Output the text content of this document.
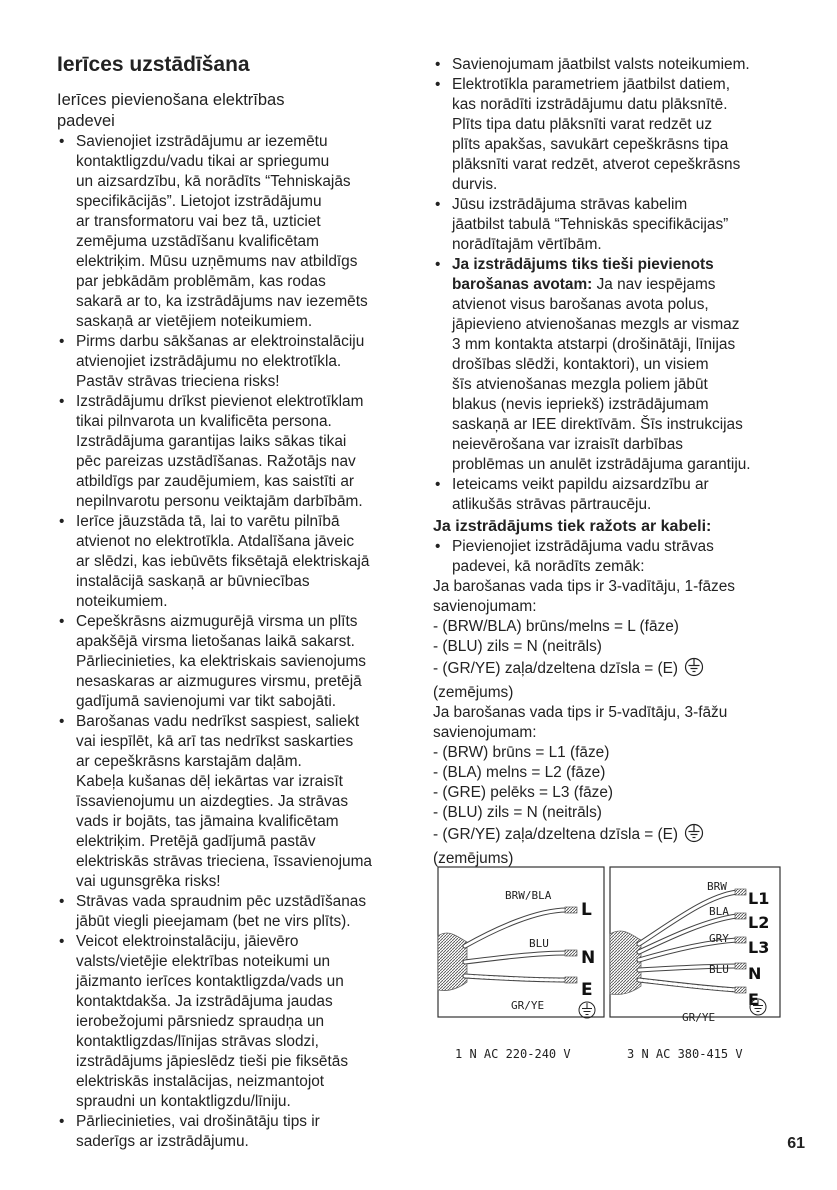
Ierīces uzstādīšana
Ierīces pievienošana elektrības
padevei
• Savienojiet izstrādājumu ar iezemētu
kontaktligzdu/vadu tikai ar spriegumu
un aizsardzību, kā norādīts “Tehniskajās
specifikācijās”. Lietojot izstrādājumu
ar transformatoru vai bez tā, uzticiet
zemējuma uzstādīšanu kvalificētam
elektriķim. Mūsu uzņēmums nav atbildīgs
par jebkādām problēmām, kas rodas
sakarā ar to, ka izstrādājums nav iezemēts
saskaņā ar vietējiem noteikumiem.
• Pirms darbu sākšanas ar elektroinstalāciju
atvienojiet izstrādājumu no elektrotīkla.
Pastāv strāvas trieciena risks!
• Izstrādājumu drīkst pievienot elektrotīklam
tikai pilnvarota un kvalificēta persona.
Izstrādājuma garantijas laiks sākas tikai
pēc pareizas uzstādīšanas. Ražotājs nav
atbildīgs par zaudējumiem, kas saistīti ar
nepilnvarotu personu veiktajām darbībām.
• Ierīce jāuzstāda tā, lai to varētu pilnībā
atvienot no elektrotīkla. Atdalīšana jāveic
ar slēdzi, kas iebūvēts fiksētajā elektriskajā
instalācijā saskaņā ar būvniecības
noteikumiem.
• Cepeškrāsns aizmugurējā virsma un plīts
apakšējā virsma lietošanas laikā sakarst.
Pārliecinieties, ka elektriskais savienojums
nesaskaras ar aizmugures virsmu, pretējā
gadījumā savienojumi var tikt sabojāti.
• Barošanas vadu nedrīkst saspiest, saliekt
vai iespīlēt, kā arī tas nedrīkst saskarties
ar cepeškrāsns karstajām daļām.
Kabeļa kušanas dēļ iekārtas var izraisīt
īssavienojumu un aizdegties. Ja strāvas
vads ir bojāts, tas jāmaina kvalificētam
elektriķim. Pretējā gadījumā pastāv
elektriskās strāvas trieciena, īssavienojuma
vai ugunsgrēka risks!
• Strāvas vada spraudnim pēc uzstādīšanas
jābūt viegli pieejamam (bet ne virs plīts).
• Veicot elektroinstalāciju, jāievēro
valsts/vietējie elektrības noteikumi un
jāizmanto ierīces kontaktligzda/vads un
kontaktdakša. Ja izstrādājuma jaudas
ierobežojumi pārsniedz spraudņa un
kontaktligzdas/līnijas strāvas slodzi,
izstrādājums jāpieslēdz tieši pie fiksētās
elektriskās instalācijas, neizmantojot
spraudni un kontaktligzdu/līniju.
• Pārliecinieties, vai drošinātāju tips ir
saderīgs ar izstrādājumu.
• Savienojumam jāatbilst valsts noteikumiem.
• Elektrotīkla parametriem jāatbilst datiem,
kas norādīti izstrādājumu datu plāksnītē.
Plīts tipa datu plāksnīti varat redzēt uz
plīts apakšas, savukārt cepeškrāsns tipa
plāksnīti varat redzēt, atverot cepeškrāsns
durvis.
• Jūsu izstrādājuma strāvas kabelim
jāatbilst tabulā “Tehniskās specifikācijas”
norādītajām vērtībām.
• Ja izstrādājums tiks tieši pievienots
barošanas avotam: Ja nav iespējams
atvienot visus barošanas avota polus,
jāpievieno atvienošanas mezgls ar vismaz
3 mm kontakta atstarpi (drošinātāji, līnijas
drošības slēdži, kontaktori), un visiem
šīs atvienošanas mezgla poliem jābūt
blakus (nevis iepriekš) izstrādājumam
saskaņā ar IEE direktīvām. Šīs instrukcijas
neievērošana var izraisīt darbības
problēmas un anulēt izstrādājuma garantiju.
• Ieteicams veikt papildu aizsardzību ar
atlikušās strāvas pārtraucēju.
Ja izstrādājums tiek ražots ar kabeli:
• Pievienojiet izstrādājuma vadu strāvas
padevei, kā norādīts zemāk:

Ja barošanas vada tips ir 3-vadītāju, 1-fāzes
savienojumam:

- (BRW/BLA) brūns/melns = L (fāze)
- (BLU) zils = N (neitrāls)
- (GR/YE) zaļa/dzeltena dzīsla = (E)
(zemējums)

Ja barošanas vada tips ir 5-vadītāju, 3-fāžu
savienojumam:

- (BRW) brūns = L1 (fāze)
- (BLA) melns = L2 (fāze)
- (GRE) pelēks = L3 (fāze)
- (BLU) zils = N (neitrāls)
- (GR/YE) zaļa/dzeltena dzīsla = (E)
(zemējums)
BRW/BLA
BLU
GR/YE
L
N
E
1 N AC 220-240 V
BRW
BLA
GRY
BLU
GR/YE
L1
L2
L3
N
E
3 N AC 380-415 V
61
